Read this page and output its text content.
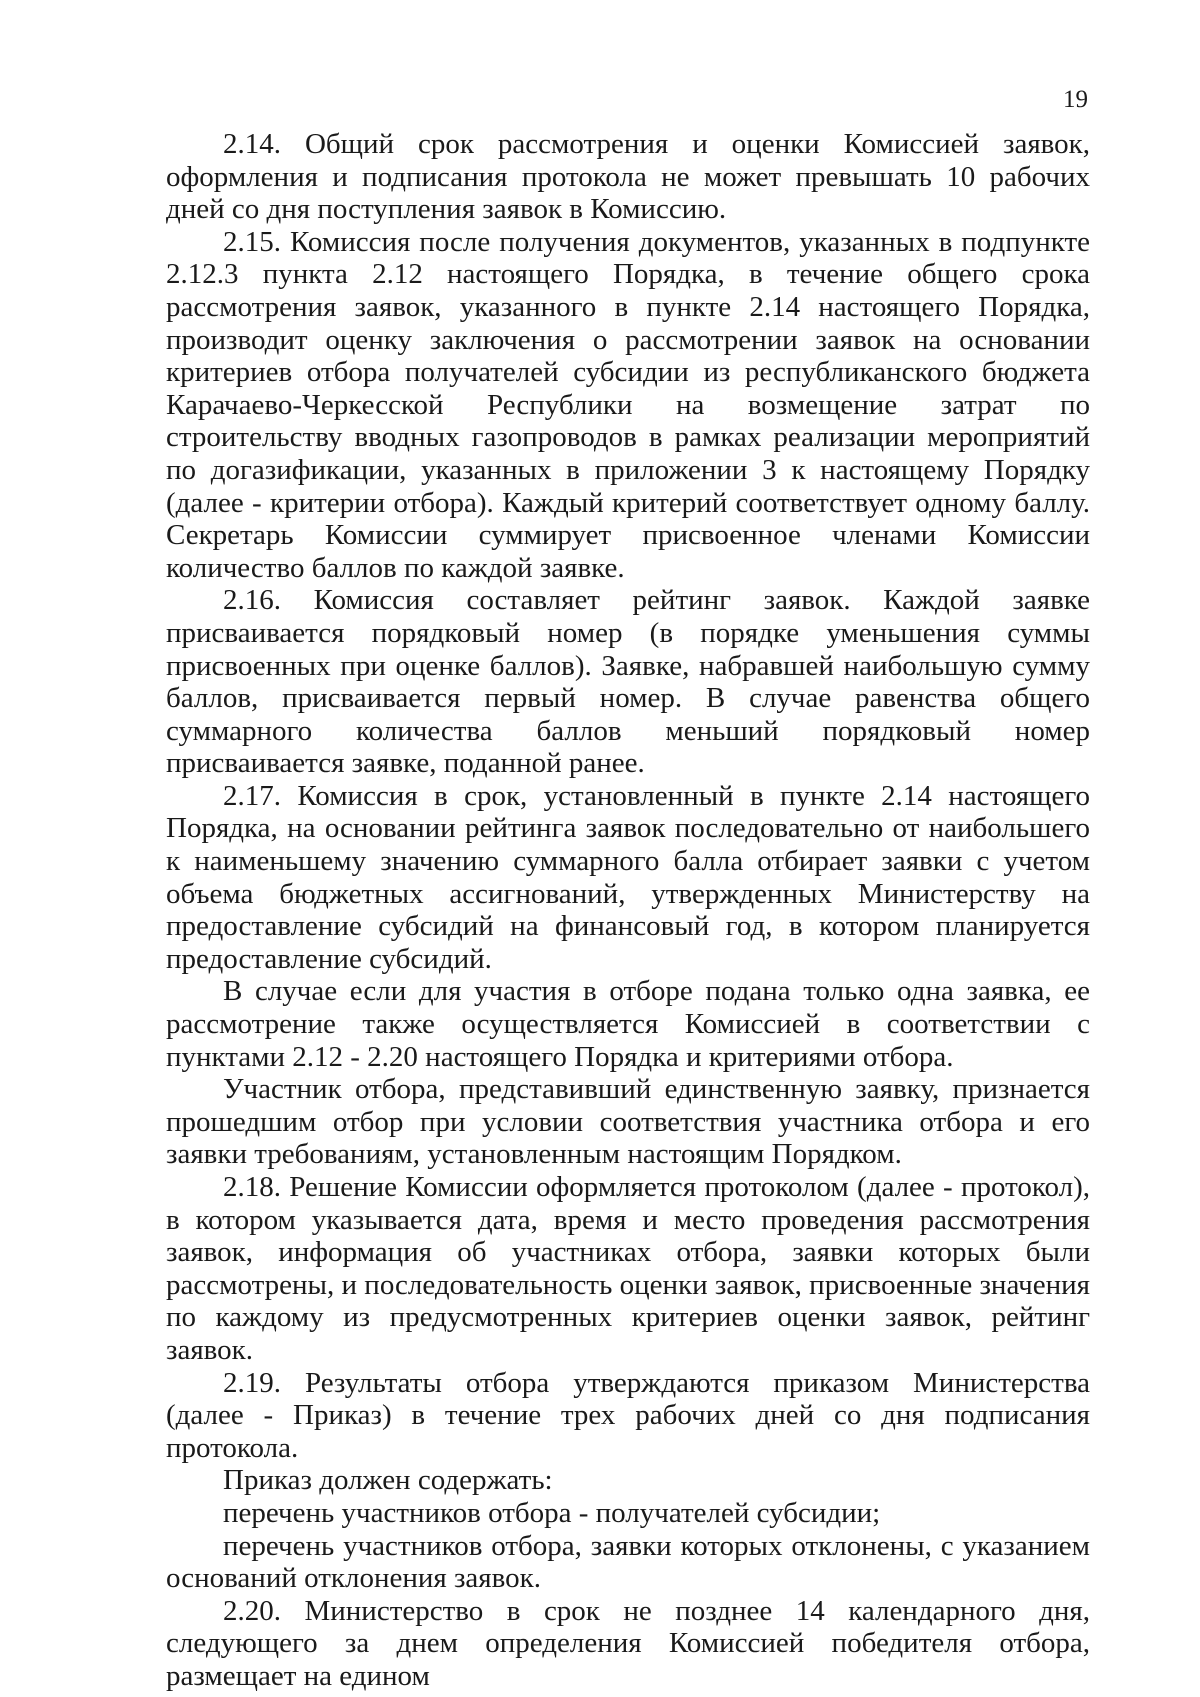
19

2.14. Общий срок рассмотрения и оценки Комиссией заявок, оформления и подписания протокола не может превышать 10 рабочих дней со дня поступления заявок в Комиссию.

2.15. Комиссия после получения документов, указанных в подпункте 2.12.3 пункта 2.12 настоящего Порядка, в течение общего срока рассмотрения заявок, указанного в пункте 2.14 настоящего Порядка, производит оценку заключения о рассмотрении заявок на основании критериев отбора получателей субсидии из республиканского бюджета Карачаево-Черкесской Республики на возмещение затрат по строительству вводных газопроводов в рамках реализации мероприятий по догазификации, указанных в приложении 3 к настоящему Порядку (далее - критерии отбора). Каждый критерий соответствует одному баллу. Секретарь Комиссии суммирует присвоенное членами Комиссии количество баллов по каждой заявке.

2.16. Комиссия составляет рейтинг заявок. Каждой заявке присваивается порядковый номер (в порядке уменьшения суммы присвоенных при оценке баллов). Заявке, набравшей наибольшую сумму баллов, присваивается первый номер. В случае равенства общего суммарного количества баллов меньший порядковый номер присваивается заявке, поданной ранее.

2.17. Комиссия в срок, установленный в пункте 2.14 настоящего Порядка, на основании рейтинга заявок последовательно от наибольшего к наименьшему значению суммарного балла отбирает заявки с учетом объема бюджетных ассигнований, утвержденных Министерству на предоставление субсидий на финансовый год, в котором планируется предоставление субсидий.

В случае если для участия в отборе подана только одна заявка, ее рассмотрение также осуществляется Комиссией в соответствии с пунктами 2.12 - 2.20 настоящего Порядка и критериями отбора.

Участник отбора, представивший единственную заявку, признается прошедшим отбор при условии соответствия участника отбора и его заявки требованиям, установленным настоящим Порядком.

2.18. Решение Комиссии оформляется протоколом (далее - протокол), в котором указывается дата, время и место проведения рассмотрения заявок, информация об участниках отбора, заявки которых были рассмотрены, и последовательность оценки заявок, присвоенные значения по каждому из предусмотренных критериев оценки заявок, рейтинг заявок.

2.19. Результаты отбора утверждаются приказом Министерства (далее - Приказ) в течение трех рабочих дней со дня подписания протокола.

Приказ должен содержать:

перечень участников отбора - получателей субсидии;

перечень участников отбора, заявки которых отклонены, с указанием оснований отклонения заявок.

2.20. Министерство в срок не позднее 14 календарного дня, следующего за днем определения Комиссией победителя отбора, размещает на едином
